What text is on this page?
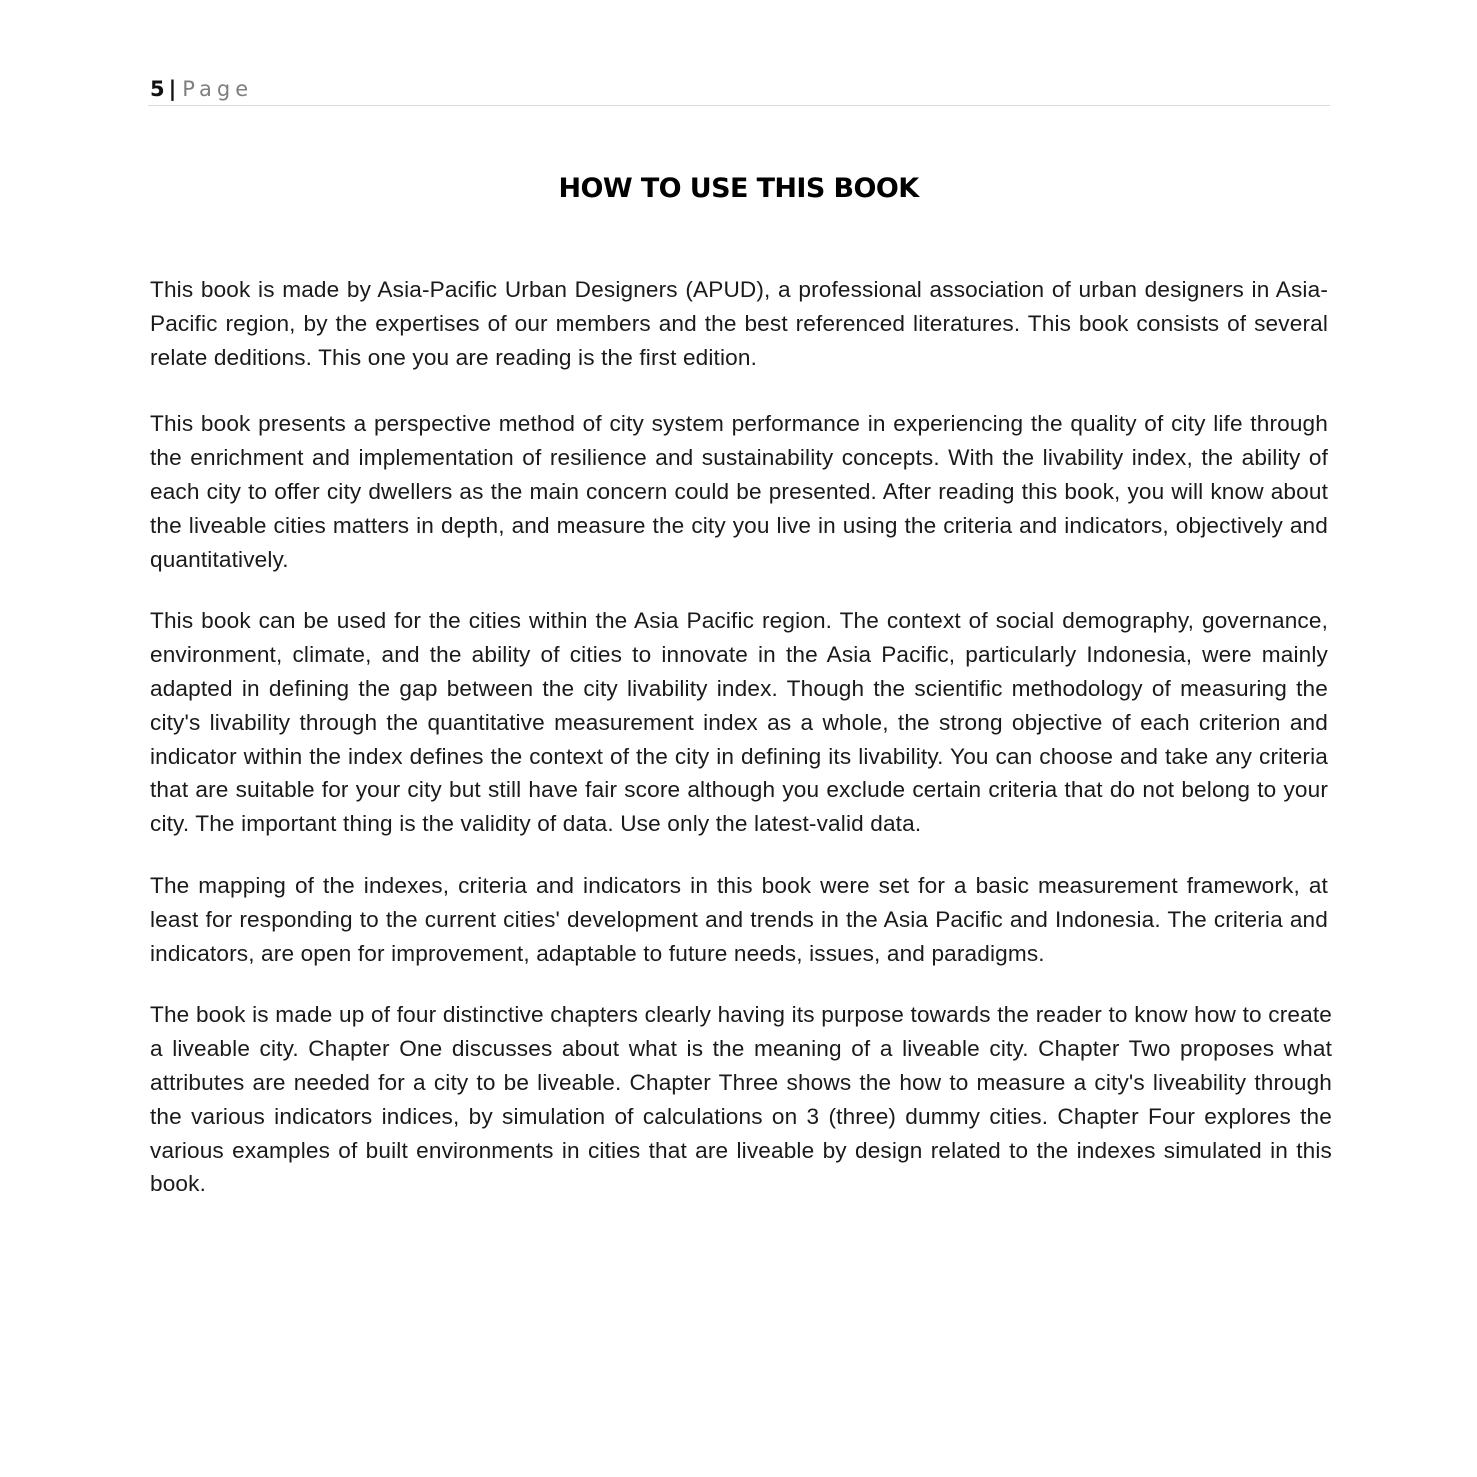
5 | Page
HOW TO USE THIS BOOK

This book is made by Asia-Pacific Urban Designers (APUD), a professional association of urban designers in Asia-Pacific region, by the expertises of our members and the best referenced literatures. This book consists of several relate deditions. This one you are reading is the first edition.

This book presents a perspective method of city system performance in experiencing the quality of city life through the enrichment and implementation of resilience and sustainability concepts. With the livability index, the ability of each city to offer city dwellers as the main concern could be presented. After reading this book, you will know about the liveable cities matters in depth, and measure the city you live in using the criteria and indicators, objectively and quantitatively.

This book can be used for the cities within the Asia Pacific region. The context of social demography, governance, environment, climate, and the ability of cities to innovate in the Asia Pacific, particularly Indonesia, were mainly adapted in defining the gap between the city livability index. Though the scientific methodology of measuring the city's livability through the quantitative measurement index as a whole, the strong objective of each criterion and indicator within the index defines the context of the city in defining its livability. You can choose and take any criteria that are suitable for your city but still have fair score although you exclude certain criteria that do not belong to your city. The important thing is the validity of data. Use only the latest-valid data.

The mapping of the indexes, criteria and indicators in this book were set for a basic measurement framework, at least for responding to the current cities' development and trends in the Asia Pacific and Indonesia. The criteria and indicators, are open for improvement, adaptable to future needs, issues, and paradigms.

The book is made up of four distinctive chapters clearly having its purpose towards the reader to know how to create a liveable city. Chapter One discusses about what is the meaning of a liveable city. Chapter Two proposes what attributes are needed for a city to be liveable. Chapter Three shows the how to measure a city's liveability through the various indicators indices, by simulation of calculations on 3 (three) dummy cities. Chapter Four explores the various examples of built environments in cities that are liveable by design related to the indexes simulated in this book.
